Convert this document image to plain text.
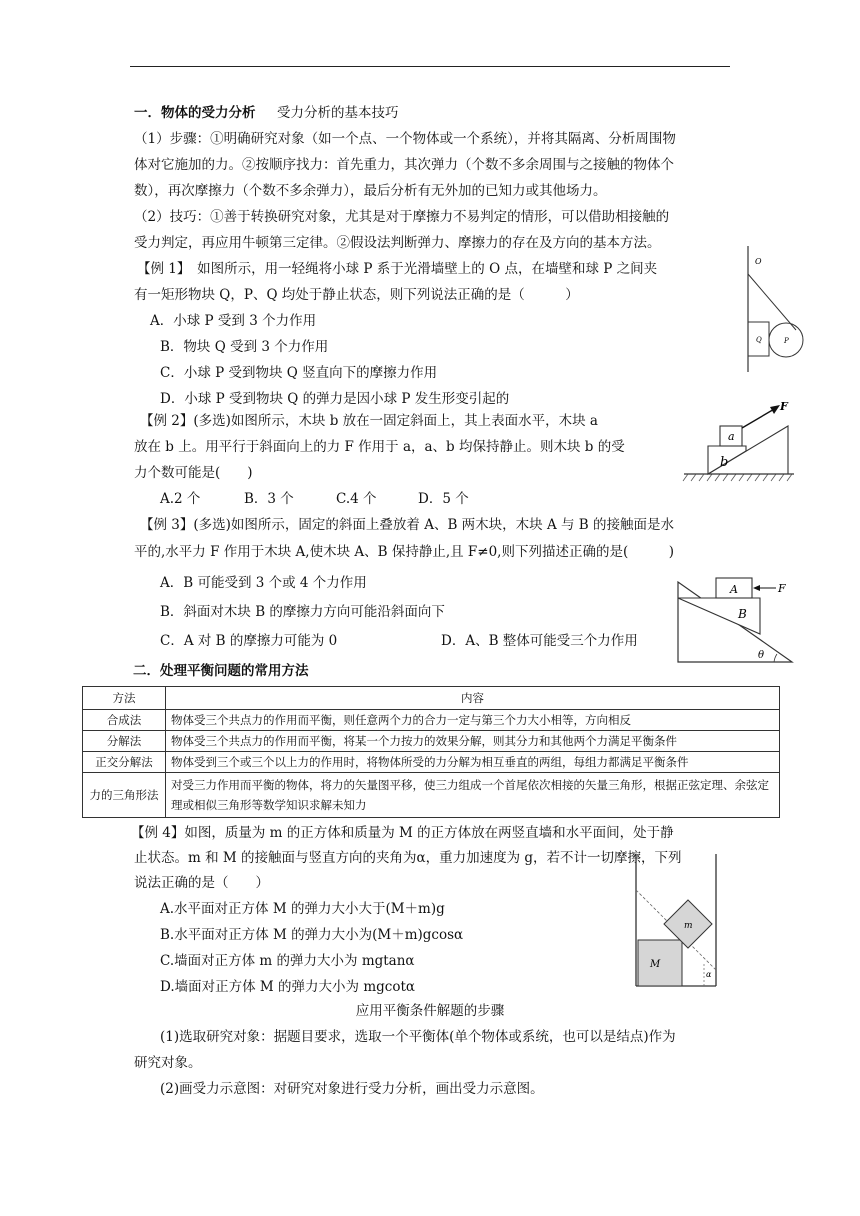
一．物体的受力分析 受力分析的基本技巧
（1）步骤：①明确研究对象（如一个点、一个物体或一个系统），并将其隔离、分析周围物
体对它施加的力。②按顺序找力：首先重力，其次弹力（个数不多余周围与之接触的物体个
数），再次摩擦力（个数不多余弹力），最后分析有无外加的已知力或其他场力。
（2）技巧：①善于转换研究对象，尤其是对于摩擦力不易判定的情形，可以借助相接触的
受力判定，再应用牛顿第三定律。②假设法判断弹力、摩擦力的存在及方向的基本方法。
【例 1】　如图所示，用一轻绳将小球 P 系于光滑墙壁上的 O 点，在墙壁和球 P 之间夹
有一矩形物块 Q，P、Q 均处于静止状态，则下列说法正确的是（　　　）
A．小球 P 受到 3 个力作用
B．物块 Q 受到 3 个力作用
C．小球 P 受到物块 Q 竖直向下的摩擦力作用
D．小球 P 受到物块 Q 的弹力是因小球 P 发生形变引起的
O
Q	P
【例 2】(多选)如图所示，木块 b 放在一固定斜面上，其上表面水平，木块 a
放在 b 上。用平行于斜面向上的力 F 作用于 a，a、b 均保持静止。则木块 b 的受
力个数可能是(　　)
A.2 个	B．3 个	C.4 个	D．5 个
F
a
b
【例 3】(多选)如图所示，固定的斜面上叠放着 A、B 两木块，木块 A 与 B 的接触面是水
平的,水平力 F 作用于木块 A,使木块 A、B 保持静止,且 F≠0,则下列描述正确的是(　　　)
A．B 可能受到 3 个或 4 个力作用
B．斜面对木块 B 的摩擦力方向可能沿斜面向下
C．A 对 B 的摩擦力可能为 0	D．A、B 整体可能受三个力作用
F
A
B
θ
二．处理平衡问题的常用方法
方法	内容
合成法	物体受三个共点力的作用而平衡，则任意两个力的合力一定与第三个力大小相等，方向相反
分解法	物体受三个共点力的作用而平衡，将某一个力按力的效果分解，则其分力和其他两个力满足平衡条件
正交分解法	物体受到三个或三个以上力的作用时，将物体所受的力分解为相互垂直的两组，每组力都满足平衡条件
力的三角形法	对受三力作用而平衡的物体，将力的矢量图平移，使三力组成一个首尾依次相接的矢量三角形，根据正弦定理、余弦定理或相似三角形等数学知识求解未知力
【例 4】如图，质量为 m 的正方体和质量为 M 的正方体放在两竖直墙和水平面间，处于静
止状态。m 和 M 的接触面与竖直方向的夹角为α，重力加速度为 g，若不计一切摩擦，下列
说法正确的是（　　）
A.水平面对正方体 M 的弹力大小大于(M＋m)g
B.水平面对正方体 M 的弹力大小为(M＋m)gcosα
C.墙面对正方体 m 的弹力大小为 mgtanα
D.墙面对正方体 M 的弹力大小为 mgcotα
m
M
α
应用平衡条件解题的步骤
(1)选取研究对象：据题目要求，选取一个平衡体(单个物体或系统，也可以是结点)作为
研究对象。
(2)画受力示意图：对研究对象进行受力分析，画出受力示意图。
